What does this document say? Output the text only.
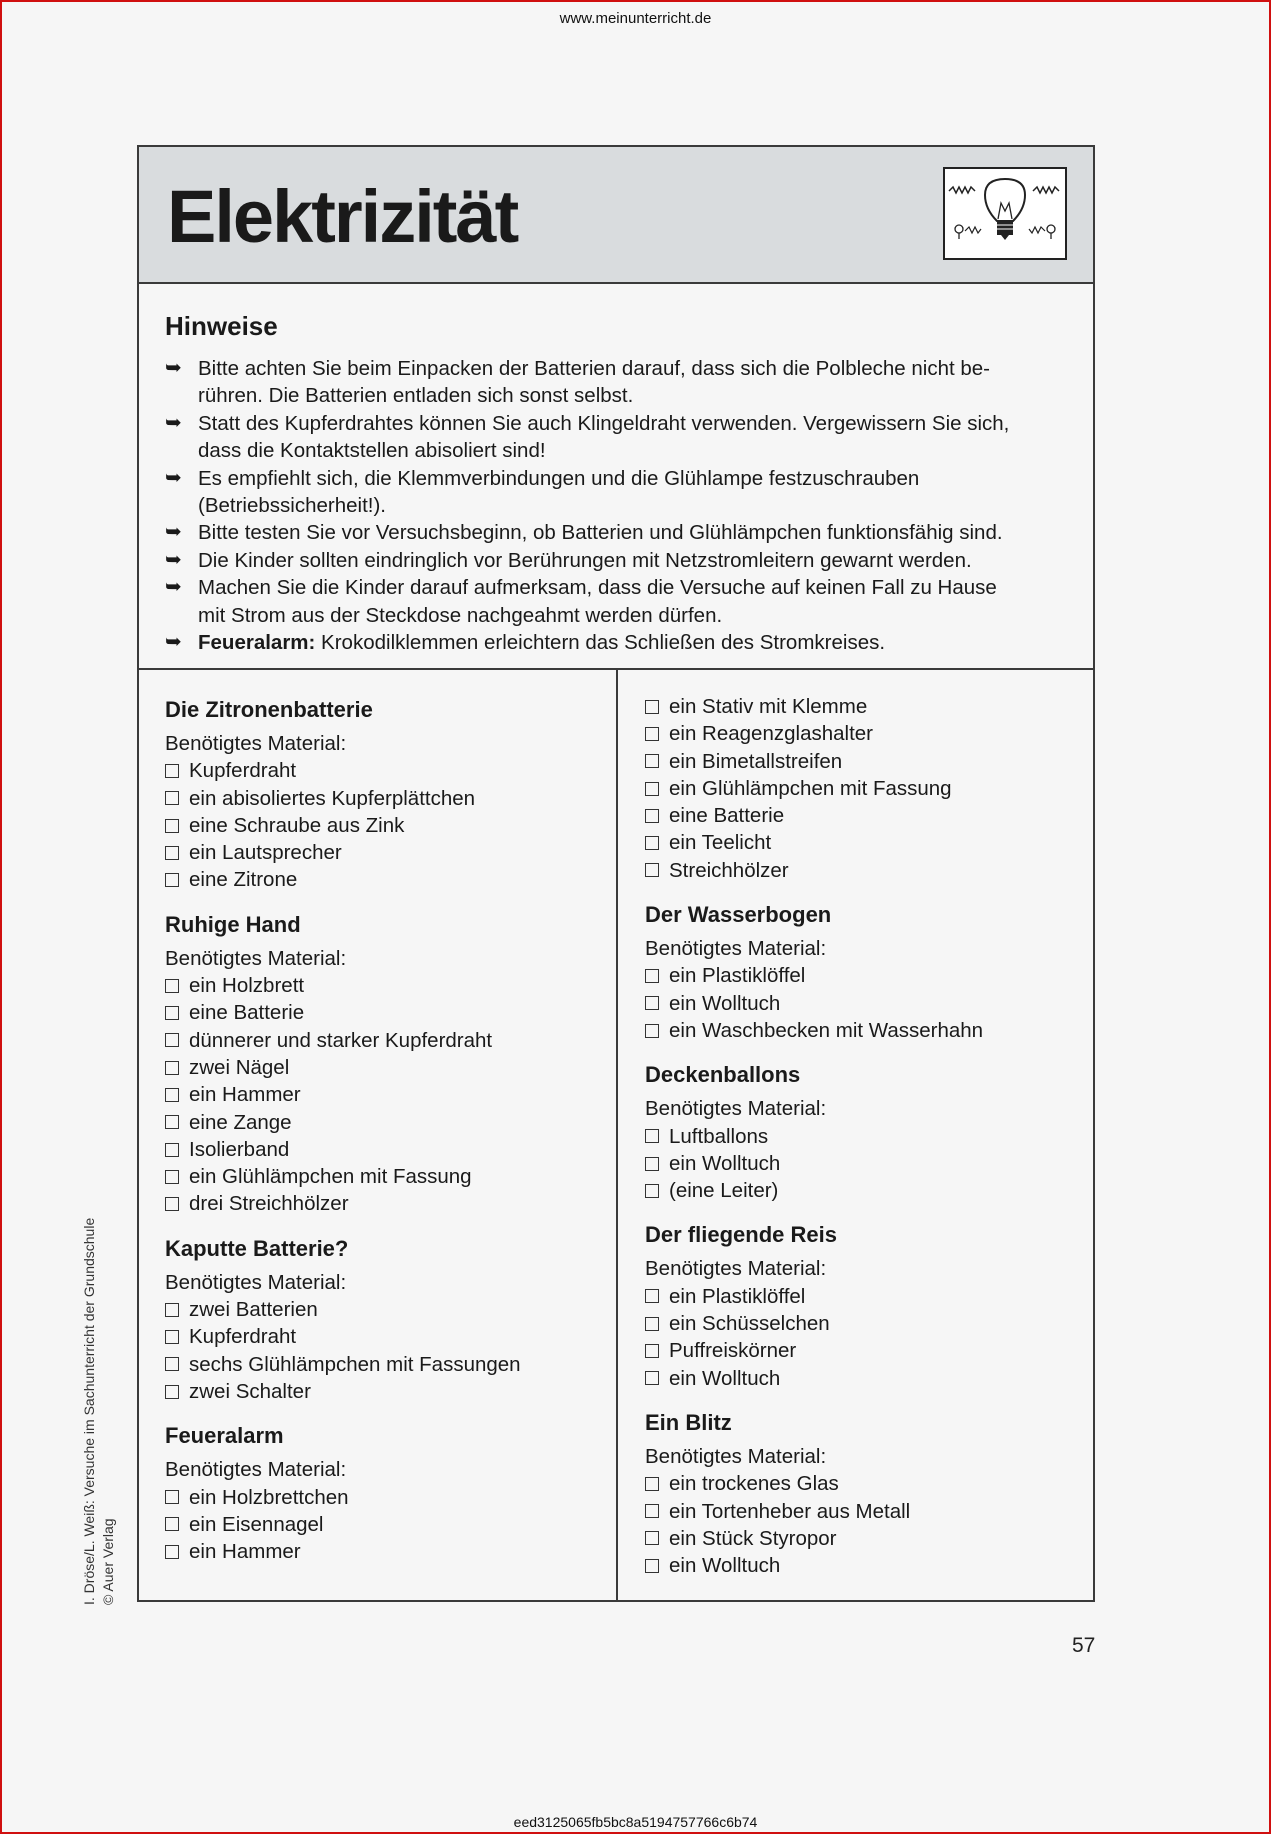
www.meinunterricht.de
Elektrizität
Hinweise
➥ Bitte achten Sie beim Einpacken der Batterien darauf, dass sich die Polbleche nicht be-
rühren. Die Batterien entladen sich sonst selbst.
➥ Statt des Kupferdrahtes können Sie auch Klingeldraht verwenden. Vergewissern Sie sich,
dass die Kontaktstellen abisoliert sind!
➥ Es empfiehlt sich, die Klemmverbindungen und die Glühlampe festzuschrauben
(Betriebssicherheit!).
➥ Bitte testen Sie vor Versuchsbeginn, ob Batterien und Glühlämpchen funktionsfähig sind.
➥ Die Kinder sollten eindringlich vor Berührungen mit Netzstromleitern gewarnt werden.
➥ Machen Sie die Kinder darauf aufmerksam, dass die Versuche auf keinen Fall zu Hause
mit Strom aus der Steckdose nachgeahmt werden dürfen.
➥ Feueralarm: Krokodilklemmen erleichtern das Schließen des Stromkreises.
Die Zitronenbatterie
Benötigtes Material:
Kupferdraht
ein abisoliertes Kupferplättchen
eine Schraube aus Zink
ein Lautsprecher
eine Zitrone
Ruhige Hand
Benötigtes Material:
ein Holzbrett
eine Batterie
dünnerer und starker Kupferdraht
zwei Nägel
ein Hammer
eine Zange
Isolierband
ein Glühlämpchen mit Fassung
drei Streichhölzer
Kaputte Batterie?
Benötigtes Material:
zwei Batterien
Kupferdraht
sechs Glühlämpchen mit Fassungen
zwei Schalter
Feueralarm
Benötigtes Material:
ein Holzbrettchen
ein Eisennagel
ein Hammer
ein Stativ mit Klemme
ein Reagenzglashalter
ein Bimetallstreifen
ein Glühlämpchen mit Fassung
eine Batterie
ein Teelicht
Streichhölzer
Der Wasserbogen
Benötigtes Material:
ein Plastiklöffel
ein Wolltuch
ein Waschbecken mit Wasserhahn
Deckenballons
Benötigtes Material:
Luftballons
ein Wolltuch
(eine Leiter)
Der fliegende Reis
Benötigtes Material:
ein Plastiklöffel
ein Schüsselchen
Puffreiskörner
ein Wolltuch
Ein Blitz
Benötigtes Material:
ein trockenes Glas
ein Tortenheber aus Metall
ein Stück Styropor
ein Wolltuch
I. Dröse/L. Weiß: Versuche im Sachunterricht der Grundschule © Auer Verlag
57
eed3125065fb5bc8a5194757766c6b74
